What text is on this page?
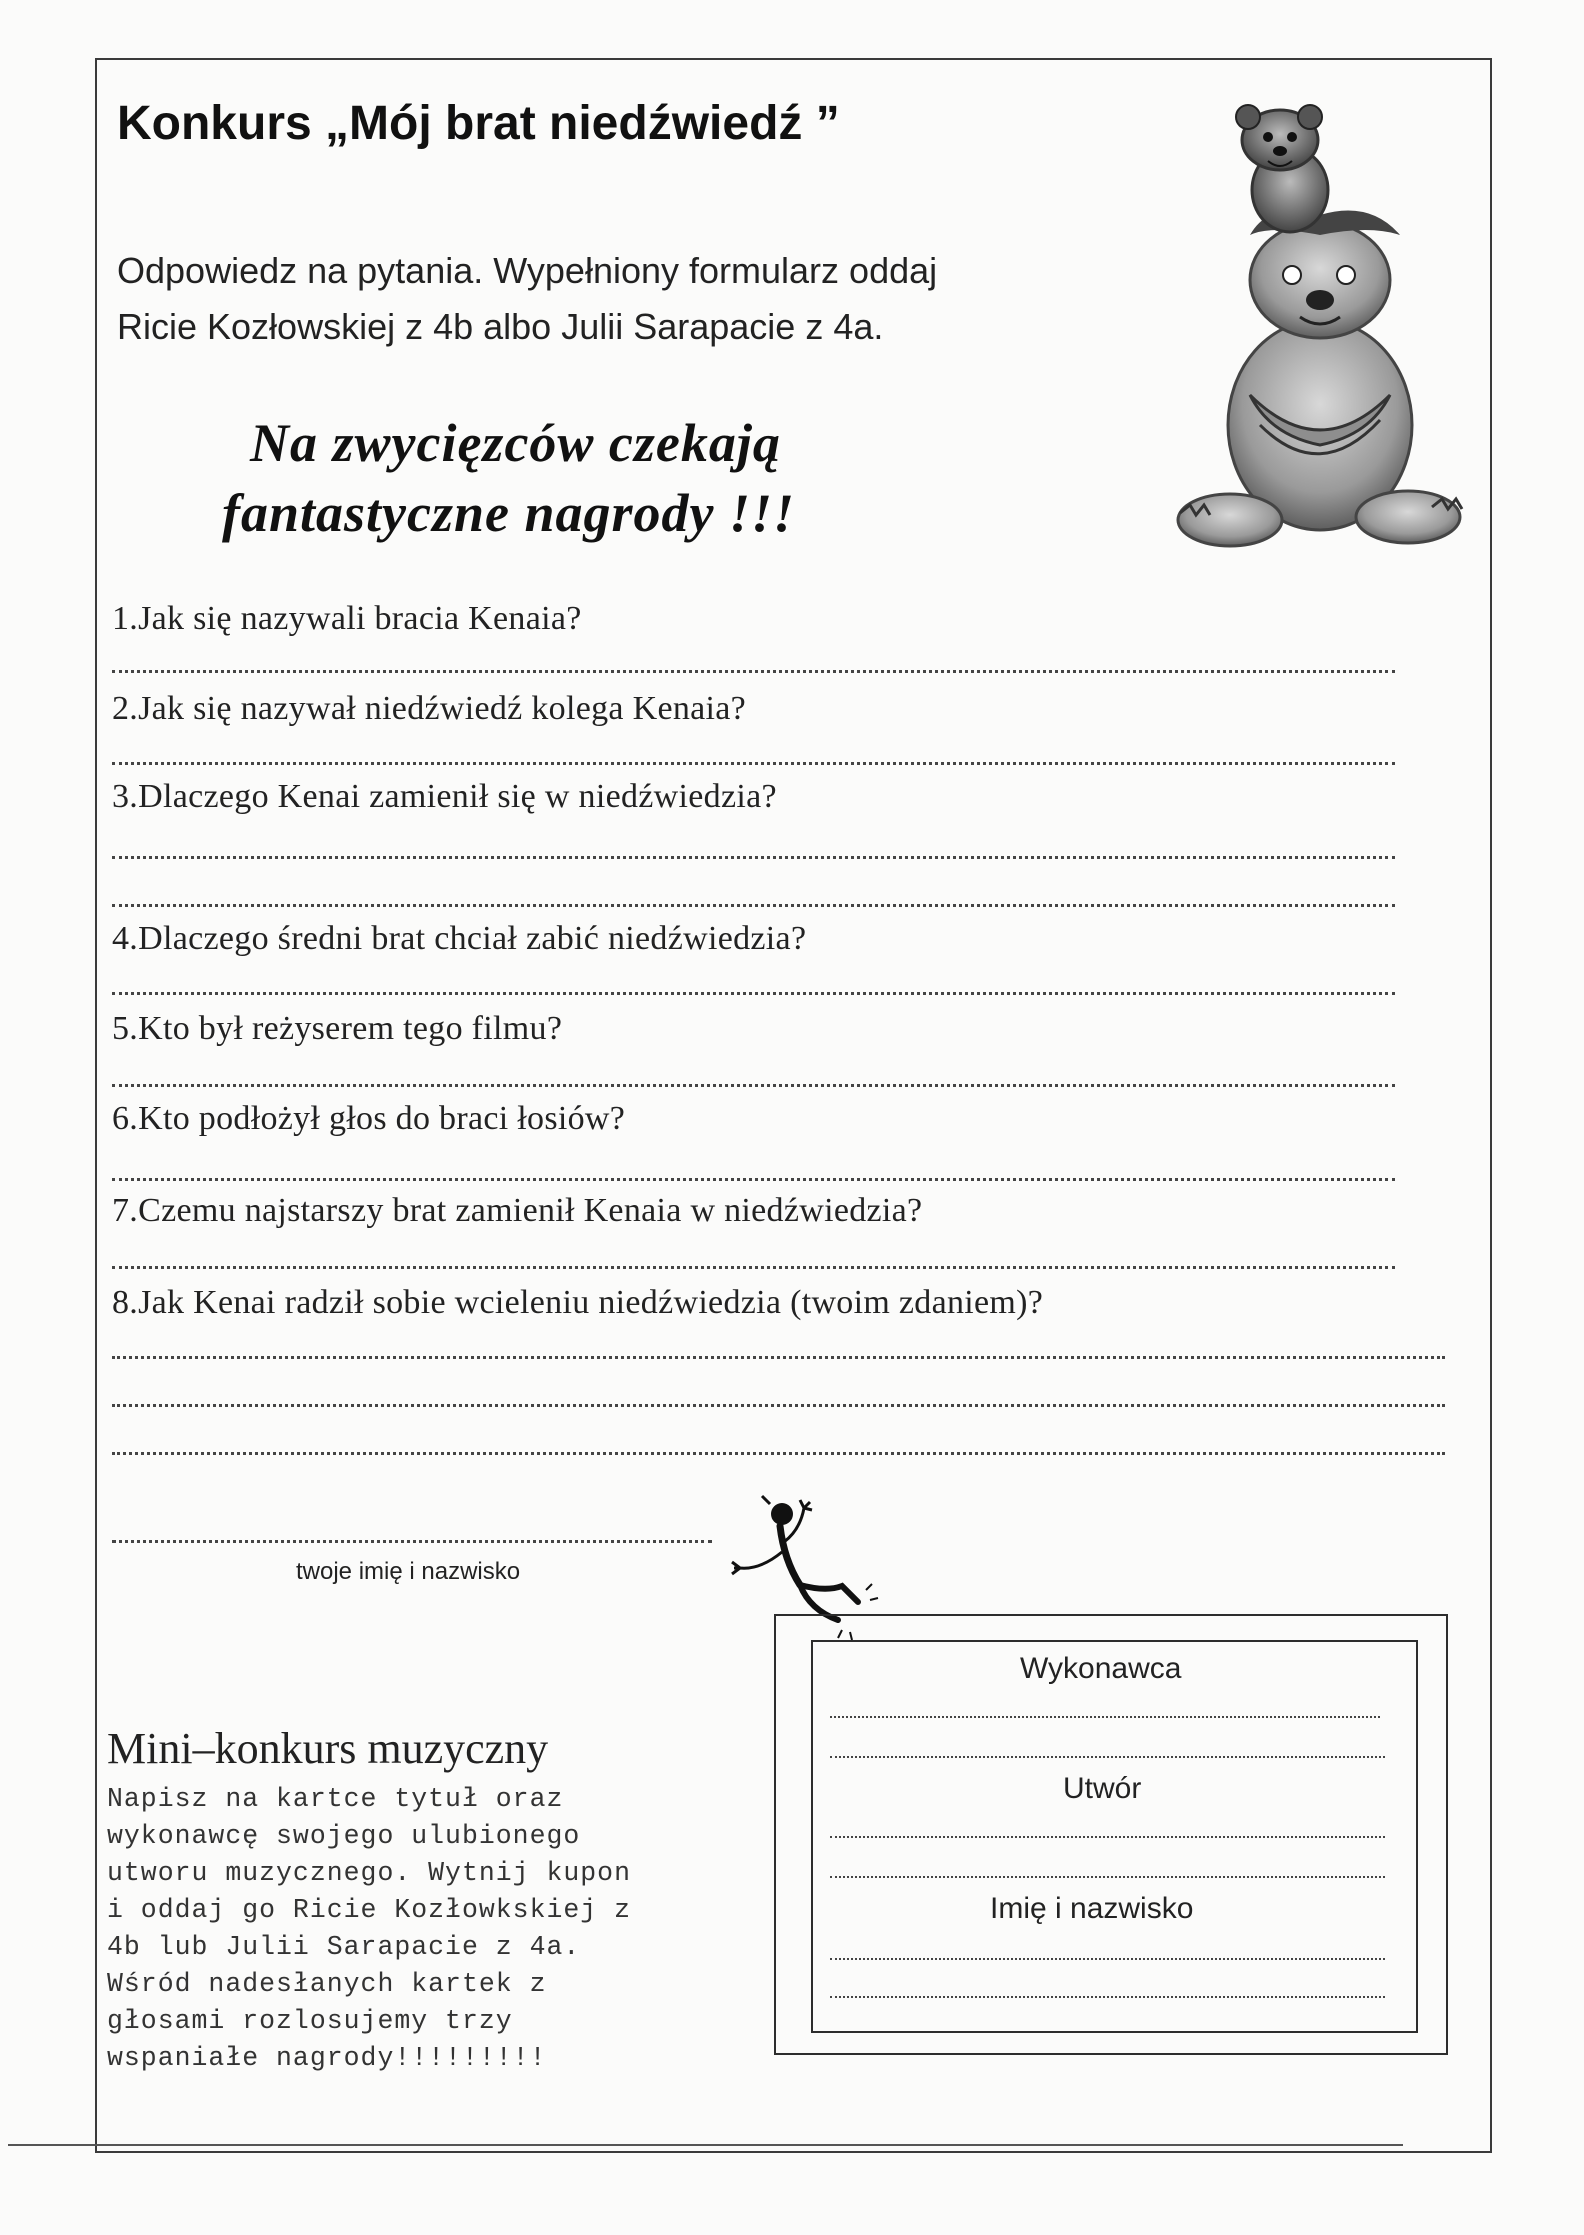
Konkurs „Mój brat niedźwiedź ”
Odpowiedz na pytania. Wypełniony formularz oddaj
Ricie Kozłowskiej z 4b albo Julii Sarapacie z 4a.
Na zwycięzców czekają
fantastyczne nagrody !!!
1.Jak się nazywali bracia Kenaia?
2.Jak się nazywał niedźwiedź kolega Kenaia?
3.Dlaczego Kenai zamienił się w niedźwiedzia?
4.Dlaczego średni brat chciał zabić niedźwiedzia?
5.Kto był reżyserem tego filmu?
6.Kto podłożył głos do braci łosiów?
7.Czemu najstarszy brat zamienił Kenaia w niedźwiedzia?
8.Jak Kenai radził sobie wcieleniu niedźwiedzia (twoim zdaniem)?
twoje imię i nazwisko
Mini–konkurs muzyczny
Napisz na kartce tytuł oraz
wykonawcę swojego ulubionego
utworu muzycznego. Wytnij kupon
i oddaj go Ricie Kozłowkskiej z
4b lub Julii Sarapacie z 4a.
Wśród nadesłanych kartek z
głosami rozlosujemy trzy
wspaniałe nagrody!!!!!!!!!
Wykonawca
Utwór
Imię i nazwisko
